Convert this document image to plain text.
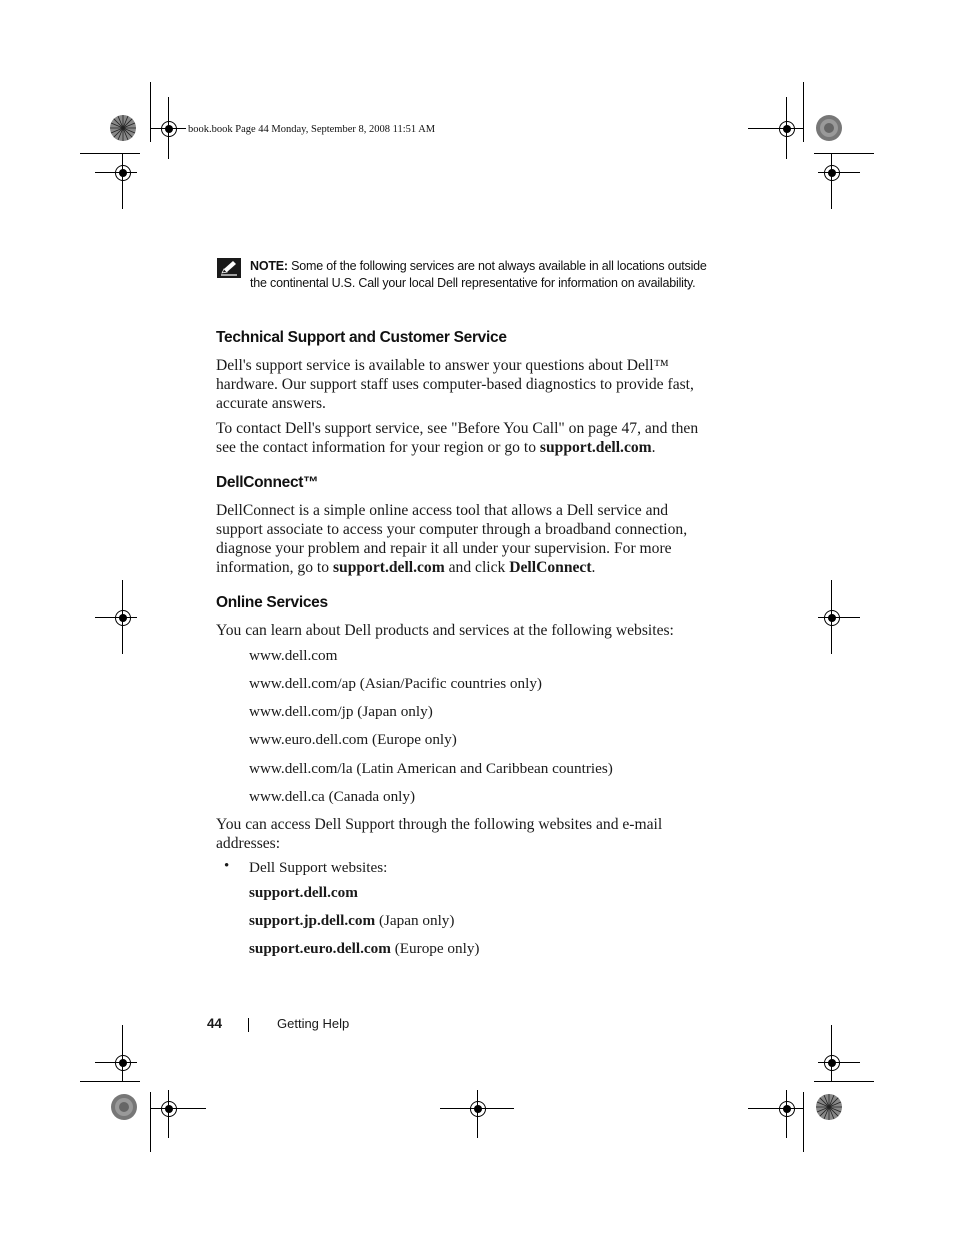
book.book Page 44 Monday, September 8, 2008 11:51 AM
NOTE: Some of the following services are not always available in all locations outside the continental U.S. Call your local Dell representative for information on availability.
Technical Support and Customer Service

Dell's support service is available to answer your questions about Dell™ hardware. Our support staff uses computer-based diagnostics to provide fast, accurate answers.

To contact Dell's support service, see "Before You Call" on page 47, and then see the contact information for your region or go to support.dell.com.

DellConnect™

DellConnect is a simple online access tool that allows a Dell service and support associate to access your computer through a broadband connection, diagnose your problem and repair it all under your supervision. For more information, go to support.dell.com and click DellConnect.

Online Services

You can learn about Dell products and services at the following websites:

www.dell.com

www.dell.com/ap (Asian/Pacific countries only)

www.dell.com/jp (Japan only)

www.euro.dell.com (Europe only)

www.dell.com/la (Latin American and Caribbean countries)

www.dell.ca (Canada only)

You can access Dell Support through the following websites and e-mail addresses:

• Dell Support websites:

support.dell.com

support.jp.dell.com (Japan only)

support.euro.dell.com (Europe only)

44	Getting Help
